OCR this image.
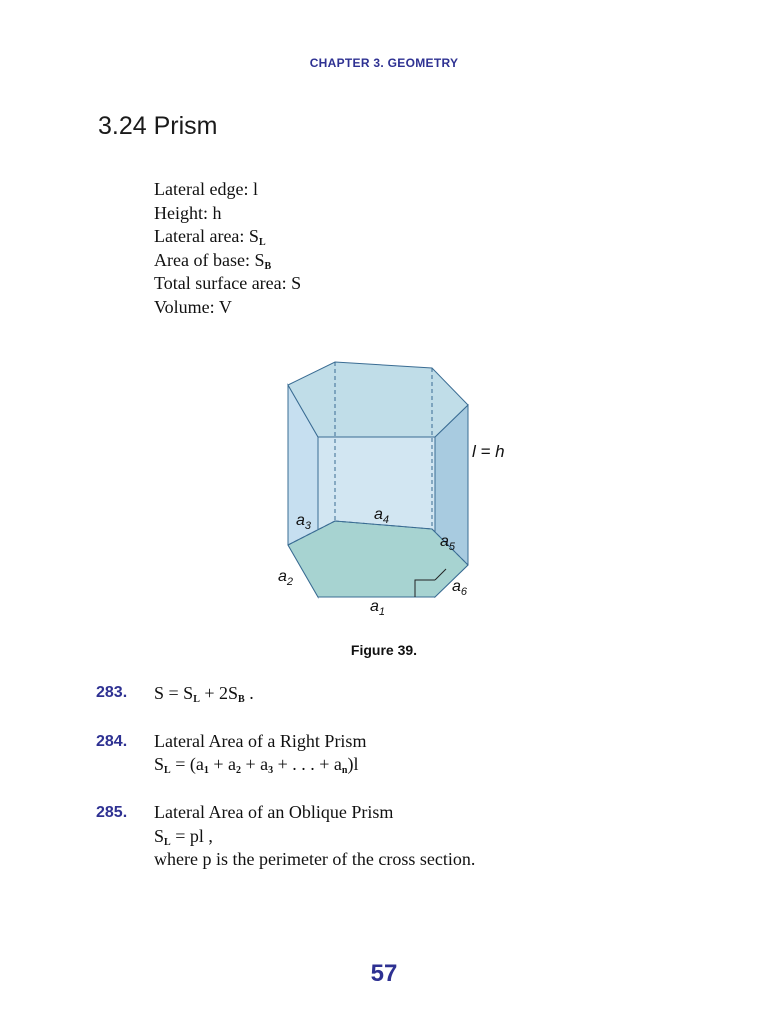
CHAPTER 3. GEOMETRY
3.24 Prism
Lateral edge: l
Height: h
Lateral area: $S_L$
Area of base: $S_B$
Total surface area: S
Volume: V
l = h
$a_1$
$a_2$
$a_3$
$a_4$
$a_5$
$a_6$
Figure 39.
283. $S = S_L + 2S_B$ .
284. Lateral Area of a Right Prism
$S_L = (a_1 + a_2 + a_3$ + . . . + $a_n)l$
285. Lateral Area of an Oblique Prism
$S_L$ = pl ,
where p is the perimeter of the cross section.
57
